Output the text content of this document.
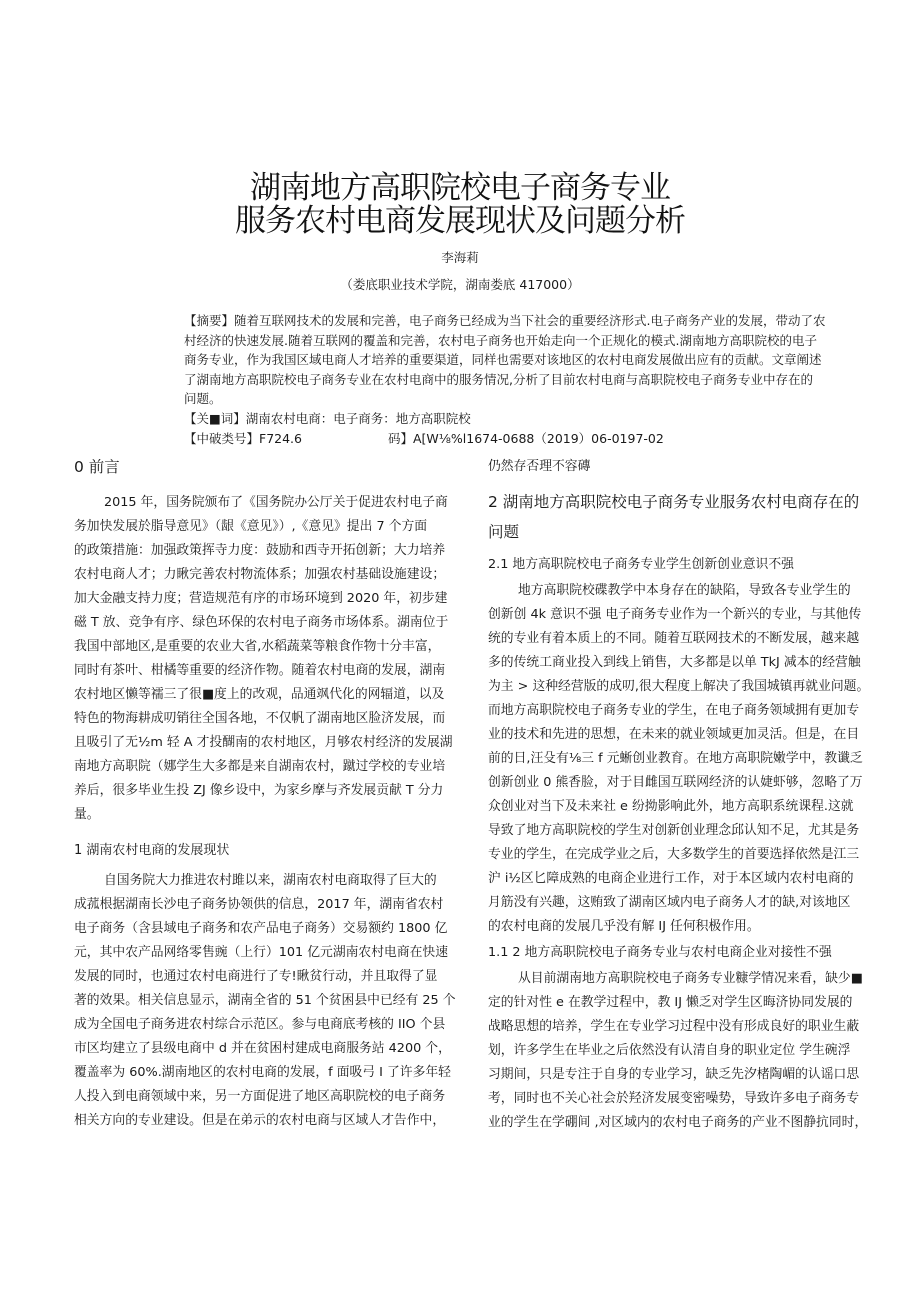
湖南地方高职院校电子商务专业
服务农村电商发展现状及问题分析
李海莉
（娄底职业技术学院，湖南娄底 417000）
【摘要】随着互联网技术的发展和完善，电子商务已经成为当下社会的重要经济形式.电子商务产业的发展，带动了农
村经济的快速发展.随着互联网的覆盖和完善，农村电子商务也开始走向一个正规化的模式.湖南地方高职院校的电子
商务专业，作为我国区域电商人才培养的重要渠道，同样也需要对该地区的农村电商发展做出应有的贡献。文章阐述
了湖南地方高职院校电子商务专业在农村电商中的服务情况,分析了目前农村电商与高职院校电子商务专业中存在的
问题。
【关■词】湖南农村电商：电子商务：地方高职院校
【中破类号】F724.6	码】A[W⅛%l1674-0688（2019）06-0197-02
0 前言
2015 年，国务院颁布了《国务院办公厅关于促进农村电子商
务加快发展於脂导意见》（龈《意见》）,《意见》提出 7 个方面
的政策措施：加强政策挥寺力度：鼓励和西寺开拓创新；大力培养
农村电商人才；力瞅完善农村物流体系；加强农村基础设施建设；
加大金融支持力度；营造规范有序的市场环境到 2020 年，初步建
磁 T 放、竞争有序、绿色环保的农村电子商务市场体系。湖南位于
我国中部地区,是重要的农业大省,水稻蔬菜等粮食作物十分丰富，
同时有茶叶、柑橘等重要的经济作物。随着农村电商的发展，湖南
农村地区懒等襦三了很■度上的改观，品通飒代化的网辐道，以及
特色的物海耕成叨销往全国各地，不仅帆了湖南地区脸济发展，而
且吸引了无½m 轻 A 才投醐南的农村地区，月够农村经济的发展湖
南地方高职院（娜学生大多都是来自湖南农村，蹴过学校的专业培
养后，很多毕业生投 ZJ 像乡设中，为家乡摩与齐发展贡献 T 分力
量。
1 湖南农村电商的发展现状
自国务院大力推进农村雎以来，湖南农村电商取得了巨大的
成菰根据湖南长沙电子商务协领供的信息，2017 年，湖南省农村
电子商务（含县域电子商务和农产品电子商务）交易额约 1800 亿
元，其中农产品网络零售豌（上行）101 亿元湖南农村电商在快速
发展的同时，也通过农村电商进行了专!瞅贫行动，并且取得了显
著的效果。相关信息显示，湖南全省的 51 个贫困县中已经有 25 个
成为全国电子商务进农村综合示范区。参与电商底考核的 IIO 个县
市区均建立了县级电商中 d 并在贫困村建成电商服务站 4200 个，
覆盖率为 60%.湖南地区的农村电商的发展，f 面吸弓 I 了许多年轻
人投入到电商领域中来，另一方面促进了地区高职院校的电子商务
相关方向的专业建设。但是在弟示的农村电商与区域人才告作中，
仍然存否理不容磚
2 湖南地方高职院校电子商务专业服务农村电商存在的
问题
2.1 地方高职院校电子商务专业学生创新创业意识不强
地方高职院校碟教学中本身存在的缺陷，导致各专业学生的
创新创 4k 意识不强 电子商务专业作为一个新兴的专业，与其他传
统的专业有着本质上的不同。随着互联网技术的不断发展，越来越
多的传统工商业投入到线上销售，大多都是以单 TkJ 减本的经营触
为主 > 这种经营版的成叨,很大程度上解决了我国城镇再就业问题。
而地方高职院校电子商务专业的学生，在电子商务领域拥有更加专
业的技术和先进的思想，在未来的就业领域更加灵活。但是，在目
前的日,汪殳有⅛三 f 元蜥创业教育。在地方高职院嫩学中，教谶乏
创新创业 0 熊香脸，对于目雌国互联网经济的认婕虾够，忽略了万
众创业对当下及未来社 e 纷拗影响此外，地方高职系统课程.这就
导致了地方高职院校的学生对创新创业理念邱认知不足，尤其是务
专业的学生，在完成学业之后，大多数学生的首要选择依然是江三
沪 i½区匕障成熟的电商企业进行工作，对于本区域内农村电商的
月筋没有兴趣，这贿致了湖南区域内电子商务人才的缺,对该地区
的农村电商的发展几乎没有解 IJ 任何积极作用。
1.1 2 地方高职院校电子商务专业与农村电商企业对接性不强
从目前湖南地方高职院校电子商务专业糠学情况来看，缺少■
定的针对性 e 在教学过程中，教 IJ 懒乏对学生区晦济协同发展的
战略思想的培养，学生在专业学习过程中没有形成良好的职业生蔽
划，许多学生在毕业之后依然没有认清自身的职业定位 学生碗浮
习期间，只是专注于自身的专业学习，缺乏先汐楮陶嵋的认谣口思
考，同时也不关心社会於羟济发展变密噪势，导致许多电子商务专
业的学生在学硼间 ,对区域内的农村电子商务的产业不图静抗同时，
